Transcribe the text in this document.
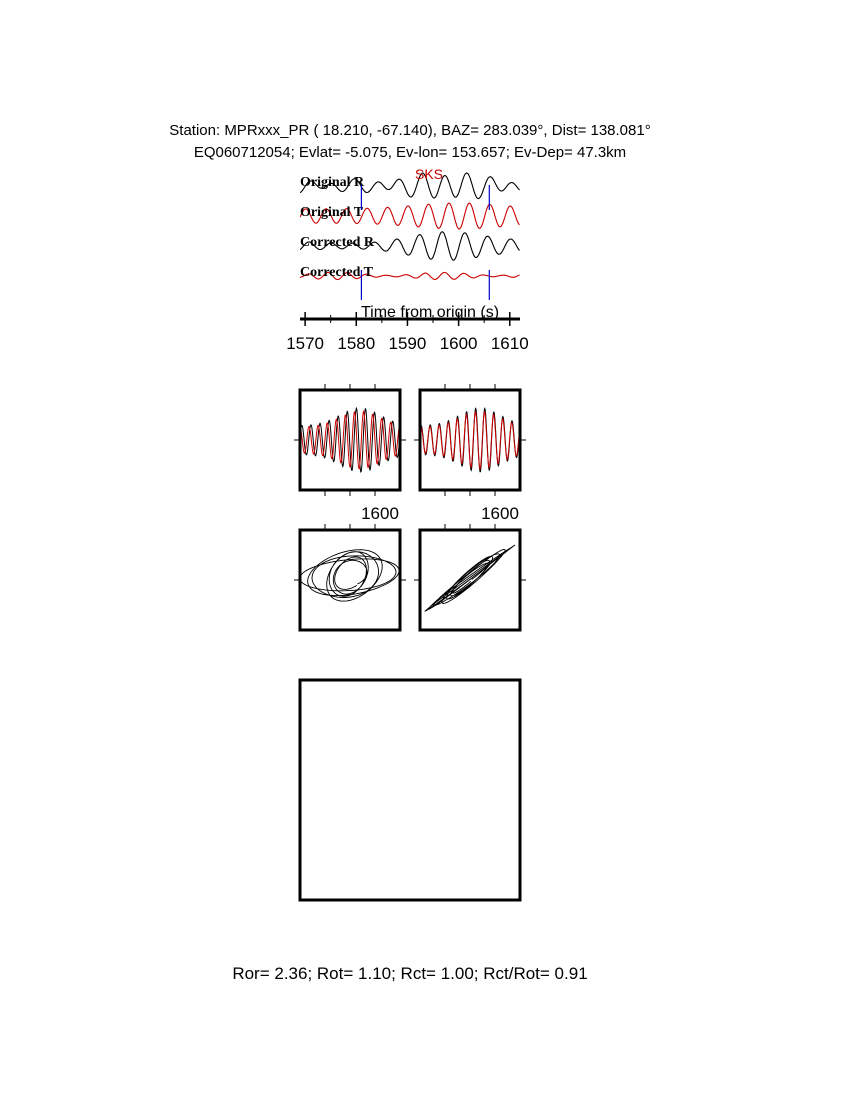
Station: MPRxxx_PR ( 18.210, -67.140), BAZ= 283.039°, Dist= 138.081°
EQ060712054; Evlat= -5.075, Ev-lon= 153.657; Ev-Dep= 47.3km
Original R
Original T
Corrected R
Corrected T
SKS
Time from origin (s)
1570 1580 1590 1600 1610
1600	1600
Ror= 2.36; Rot= 1.10; Rct= 1.00; Rct/Rot= 0.91
